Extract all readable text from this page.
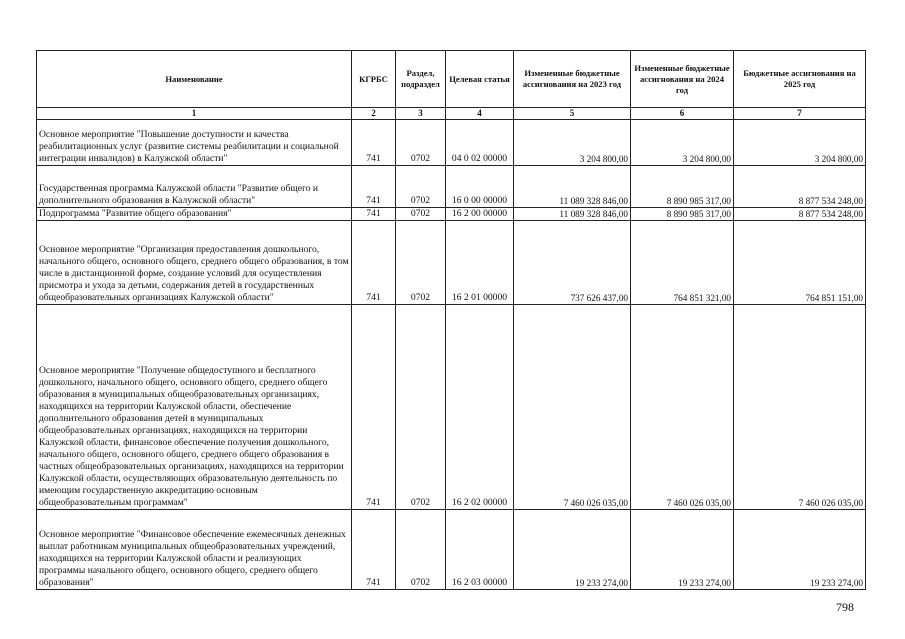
Наименование	КГРБС	Раздел, подраздел	Целевая статья	Измененные бюджетные ассигнования на 2023 год	Измененные бюджетные ассигнования на 2024 год	Бюджетные ассигнования на 2025 год
1	2	3	4	5	6	7
Основное мероприятие "Повышение доступности и качества реабилитационных услуг (развитие системы реабилитации и социальной интеграции инвалидов) в Калужской области"	741	0702	04 0 02 00000	3 204 800,00	3 204 800,00	3 204 800,00
Государственная программа Калужской области "Развитие общего и дополнительного образования в Калужской области"	741	0702	16 0 00 00000	11 089 328 846,00	8 890 985 317,00	8 877 534 248,00
Подпрограмма "Развитие общего образования"	741	0702	16 2 00 00000	11 089 328 846,00	8 890 985 317,00	8 877 534 248,00
Основное мероприятие "Организация предоставления дошкольного, начального общего, основного общего, среднего общего образования, в том числе в дистанционной форме, создание условий для осуществления присмотра и ухода за детьми, содержания детей в государственных общеобразовательных организациях Калужской области"	741	0702	16 2 01 00000	737 626 437,00	764 851 321,00	764 851 151,00
Основное мероприятие "Получение общедоступного и бесплатного дошкольного, начального общего, основного общего, среднего общего образования в муниципальных общеобразовательных организациях, находящихся на территории Калужской области, обеспечение дополнительного образования детей в муниципальных общеобразовательных организациях, находящихся на территории Калужской области, финансовое обеспечение получения дошкольного, начального общего, основного общего, среднего общего образования в частных общеобразовательных организациях, находящихся на территории Калужской области, осуществляющих образовательную деятельность по имеющим государственную аккредитацию основным общеобразовательным программам"	741	0702	16 2 02 00000	7 460 026 035,00	7 460 026 035,00	7 460 026 035,00
Основное мероприятие "Финансовое обеспечение ежемесячных денежных выплат работникам муниципальных общеобразовательных учреждений, находящихся на территории Калужской области и реализующих программы начального общего, основного общего, среднего общего образования"	741	0702	16 2 03 00000	19 233 274,00	19 233 274,00	19 233 274,00
798
